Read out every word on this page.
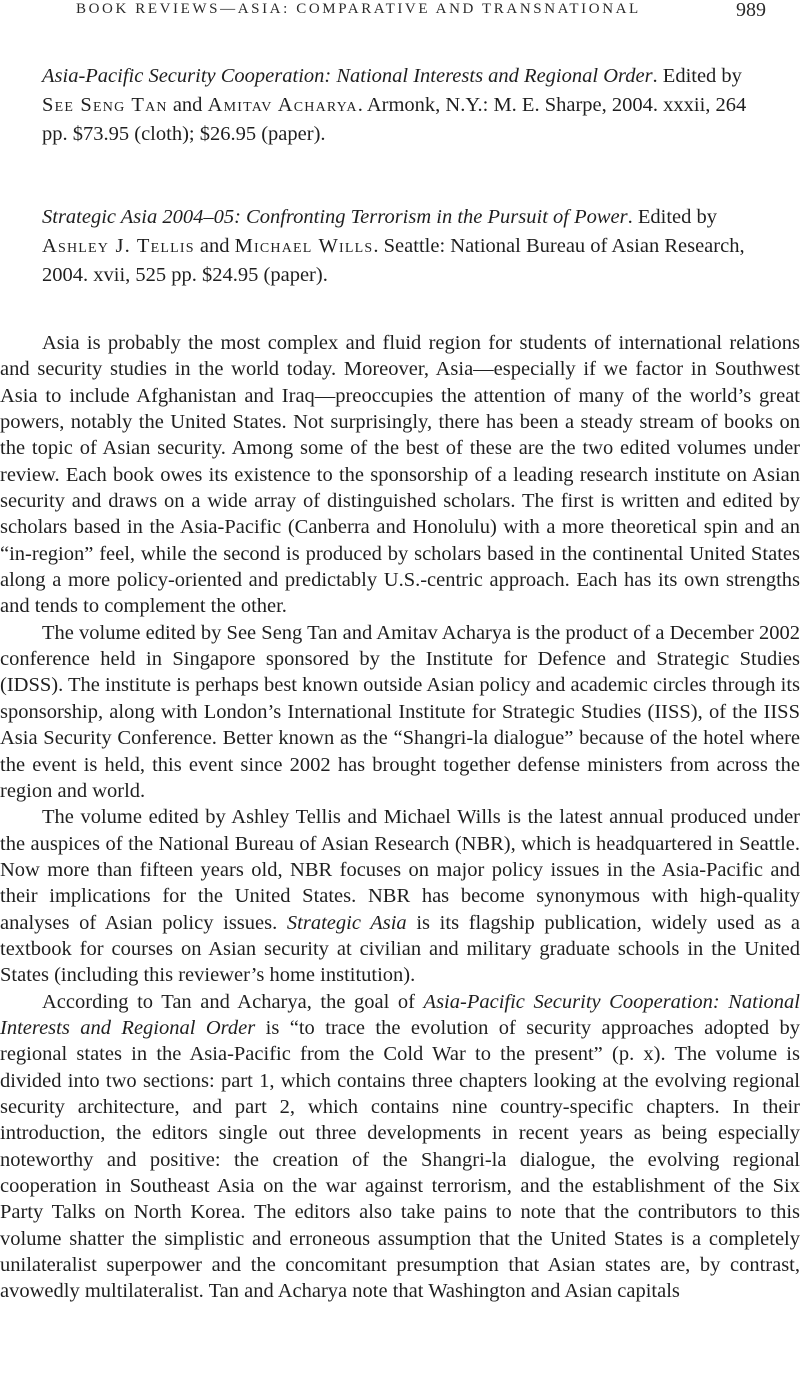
BOOK REVIEWS—ASIA: COMPARATIVE AND TRANSNATIONAL	989
Asia-Pacific Security Cooperation: National Interests and Regional Order. Edited by See Seng Tan and Amitav Acharya. Armonk, N.Y.: M. E. Sharpe, 2004. xxxii, 264 pp. $73.95 (cloth); $26.95 (paper).
Strategic Asia 2004–05: Confronting Terrorism in the Pursuit of Power. Edited by Ashley J. Tellis and Michael Wills. Seattle: National Bureau of Asian Research, 2004. xvii, 525 pp. $24.95 (paper).

Asia is probably the most complex and fluid region for students of international relations and security studies in the world today. Moreover, Asia—especially if we factor in Southwest Asia to include Afghanistan and Iraq—preoccupies the attention of many of the world’s great powers, notably the United States. Not surprisingly, there has been a steady stream of books on the topic of Asian security. Among some of the best of these are the two edited volumes under review. Each book owes its existence to the sponsorship of a leading research institute on Asian security and draws on a wide array of distinguished scholars. The first is written and edited by scholars based in the Asia-Pacific (Canberra and Honolulu) with a more theoretical spin and an “in-region” feel, while the second is produced by scholars based in the continental United States along a more policy-oriented and predictably U.S.-centric approach. Each has its own strengths and tends to complement the other.

The volume edited by See Seng Tan and Amitav Acharya is the product of a December 2002 conference held in Singapore sponsored by the Institute for Defence and Strategic Studies (IDSS). The institute is perhaps best known outside Asian policy and academic circles through its sponsorship, along with London’s International Institute for Strategic Studies (IISS), of the IISS Asia Security Conference. Better known as the “Shangri-la dialogue” because of the hotel where the event is held, this event since 2002 has brought together defense ministers from across the region and world.

The volume edited by Ashley Tellis and Michael Wills is the latest annual produced under the auspices of the National Bureau of Asian Research (NBR), which is headquartered in Seattle. Now more than fifteen years old, NBR focuses on major policy issues in the Asia-Pacific and their implications for the United States. NBR has become synonymous with high-quality analyses of Asian policy issues. Strategic Asia is its flagship publication, widely used as a textbook for courses on Asian security at civilian and military graduate schools in the United States (including this reviewer’s home institution).

According to Tan and Acharya, the goal of Asia-Pacific Security Cooperation: National Interests and Regional Order is “to trace the evolution of security approaches adopted by regional states in the Asia-Pacific from the Cold War to the present” (p. x). The volume is divided into two sections: part 1, which contains three chapters looking at the evolving regional security architecture, and part 2, which contains nine country-specific chapters. In their introduction, the editors single out three developments in recent years as being especially noteworthy and positive: the creation of the Shangri-la dialogue, the evolving regional cooperation in Southeast Asia on the war against terrorism, and the establishment of the Six Party Talks on North Korea. The editors also take pains to note that the contributors to this volume shatter the simplistic and erroneous assumption that the United States is a completely unilateralist superpower and the concomitant presumption that Asian states are, by contrast, avowedly multilateralist. Tan and Acharya note that Washington and Asian capitals
